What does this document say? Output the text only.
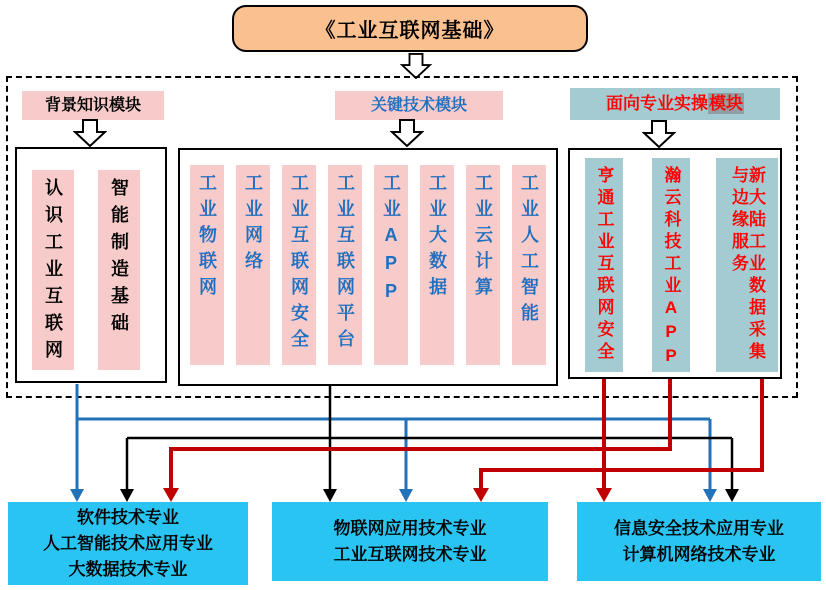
《工业互联网基础》
背景知识模块	关键技术模块	面向专业实操模块
认识工业互联网	智能制造基础	工业物联网 工业网络 工业互联网安全 工业互联网平台 工业APP 工业大数据 工业云计算 工业人工智能	亨通工业互联网安全	瀚云科技工业APP	新大陆工业数据采集
与边缘服务
软件技术专业
人工智能技术应用专业
大数据技术专业
物联网应用技术专业
工业互联网技术专业
信息安全技术应用专业
计算机网络技术专业
